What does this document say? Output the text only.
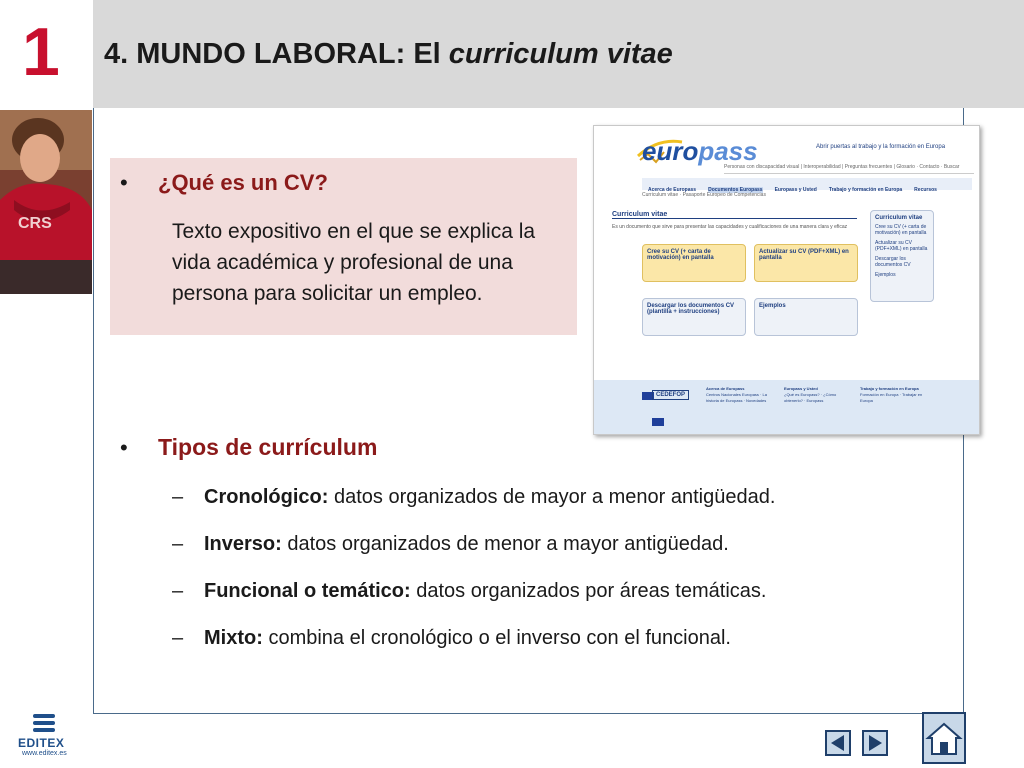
1 4. MUNDO LABORAL: El curriculum vitae
CRS
• ¿Qué es un CV?
Texto expositivo en el que se explica la vida académica y profesional de una persona para solicitar un empleo.
europass	Abrir puertas al trabajo y la formación en Europa
Personas con discapacidad visual | Interoperabilidad | Preguntas frecuentes | Glosario · Contacto · Buscar
Acerca de Europass Documentos Europass Europass y Usted Trabajo y formación en Europa Recursos
Curriculum vitae · Pasaporte Europeo de Competencias
Curriculum vitae
Es un documento que sirve para presentar las capacidades y cualificaciones de una manera clara y eficaz
Cree su CV (+ carta de motivación) en pantalla
Actualizar su CV (PDF+XML) en pantalla
Descargar los documentos CV (plantilla + instrucciones)
Ejemplos
Curriculum vitae
Cree su CV (+ carta de motivación) en pantalla
Actualizar su CV (PDF+XML) en pantalla
Descargar los documentos CV
Ejemplos
CEDEFOP
Acerca de Europass
Centros Nacionales Europass · La historia de Europass · Novedades
Europass y Usted
¿Qué es Europass? · ¿Cómo obtenerlo? · Europass
Trabajo y formación en Europa
Formación en Europa · Trabajar en Europa
• Tipos de currículum
– Cronológico: datos organizados de mayor a menor antigüedad.
– Inverso: datos organizados de menor a mayor antigüedad.
– Funcional o temático: datos organizados por áreas temáticas.
– Mixto: combina el cronológico o el inverso con el funcional.
EDITEX
www.editex.es
